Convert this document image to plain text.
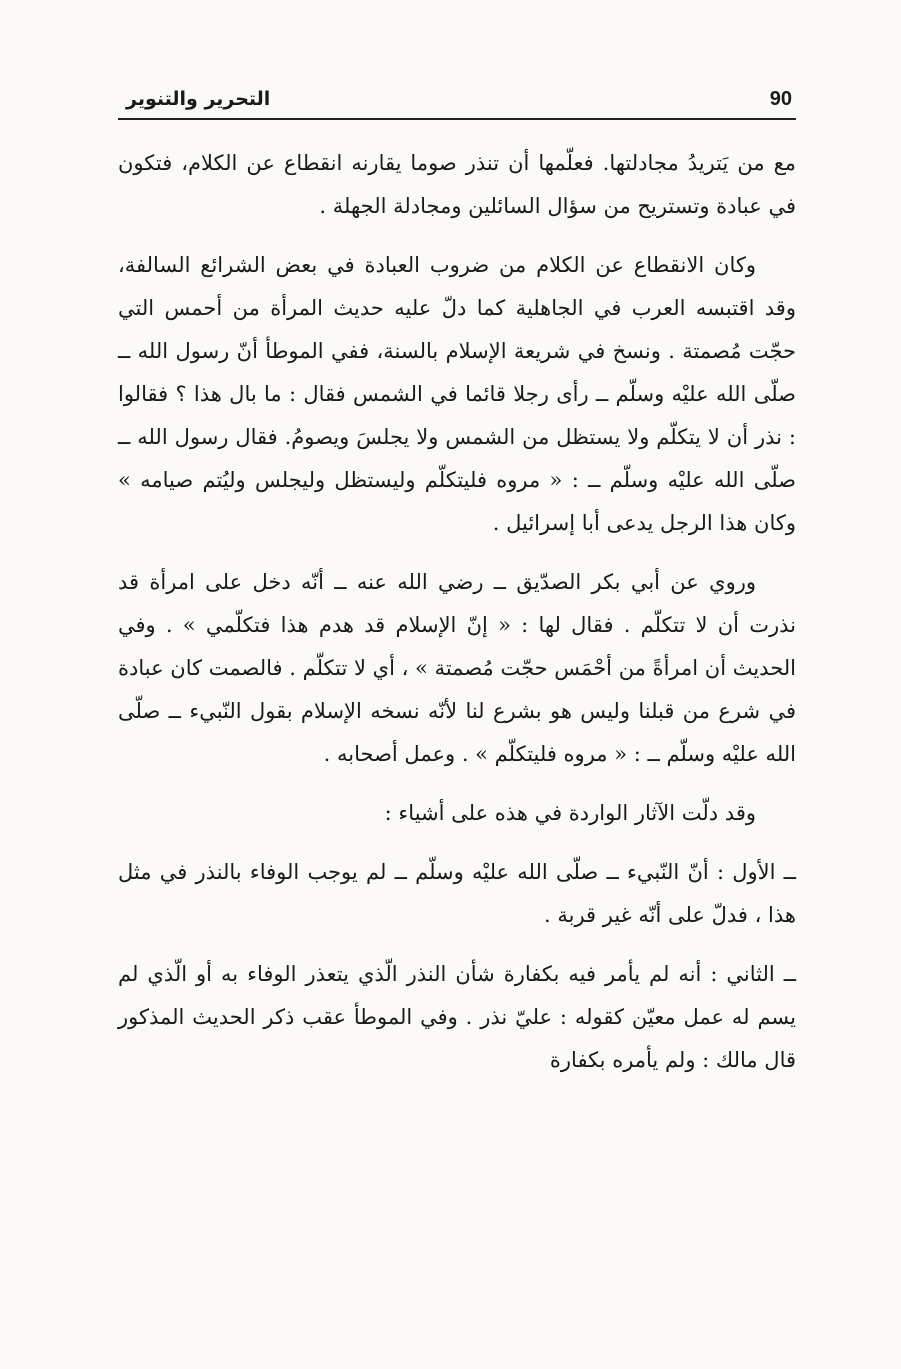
التحرير والتنوير	90

مع من يَتريدُ مجادلتها. فعلّمها أن تنذر صوما يقارنه انقطاع عن الكلام، فتكون في عبادة وتستريح من سؤال السائلين ومجادلة الجهلة .

وكان الانقطاع عن الكلام من ضروب العبادة في بعض الشرائع السالفة، وقد اقتبسه العرب في الجاهلية كما دلّ عليه حديث المرأة من أحمس التي حجّت مُصمتة . ونسخ في شريعة الإسلام بالسنة، ففي الموطأ أنّ رسول الله ــ صلّى الله عليْه وسلّم ــ رأى رجلا قائما في الشمس فقال : ما بال هذا ؟ فقالوا : نذر أن لا يتكلّم ولا يستظل من الشمس ولا يجلسَ ويصومُ. فقال رسول الله ــ صلّى الله عليْه وسلّم ــ : « مروه فليتكلّم وليستظل وليجلس وليُتم صيامه » وكان هذا الرجل يدعى أبا إسرائيل .

وروي عن أبي بكر الصدّيق ــ رضي الله عنه ــ أنّه دخل على امرأة قد نذرت أن لا تتكلّم . فقال لها : « إنّ الإسلام قد هدم هذا فتكلّمي » . وفي الحديث أن امرأةً من أحْمَس حجّت مُصمتة » ، أي لا تتكلّم . فالصمت كان عبادة في شرع من قبلنا وليس هو بشرع لنا لأنّه نسخه الإسلام بقول النّبيء ــ صلّى الله عليْه وسلّم ــ : « مروه فليتكلّم » . وعمل أصحابه .

وقد دلّت الآثار الواردة في هذه على أشياء :

ــ الأول : أنّ النّبيء ــ صلّى الله عليْه وسلّم ــ لم يوجب الوفاء بالنذر في مثل هذا ، فدلّ على أنّه غير قربة .

ــ الثاني : أنه لم يأمر فيه بكفارة شأن النذر الّذي يتعذر الوفاء به أو الّذي لم يسم له عمل معيّن كقوله : عليّ نذر . وفي الموطأ عقب ذكر الحديث المذكور قال مالك : ولم يأمره بكفارة
